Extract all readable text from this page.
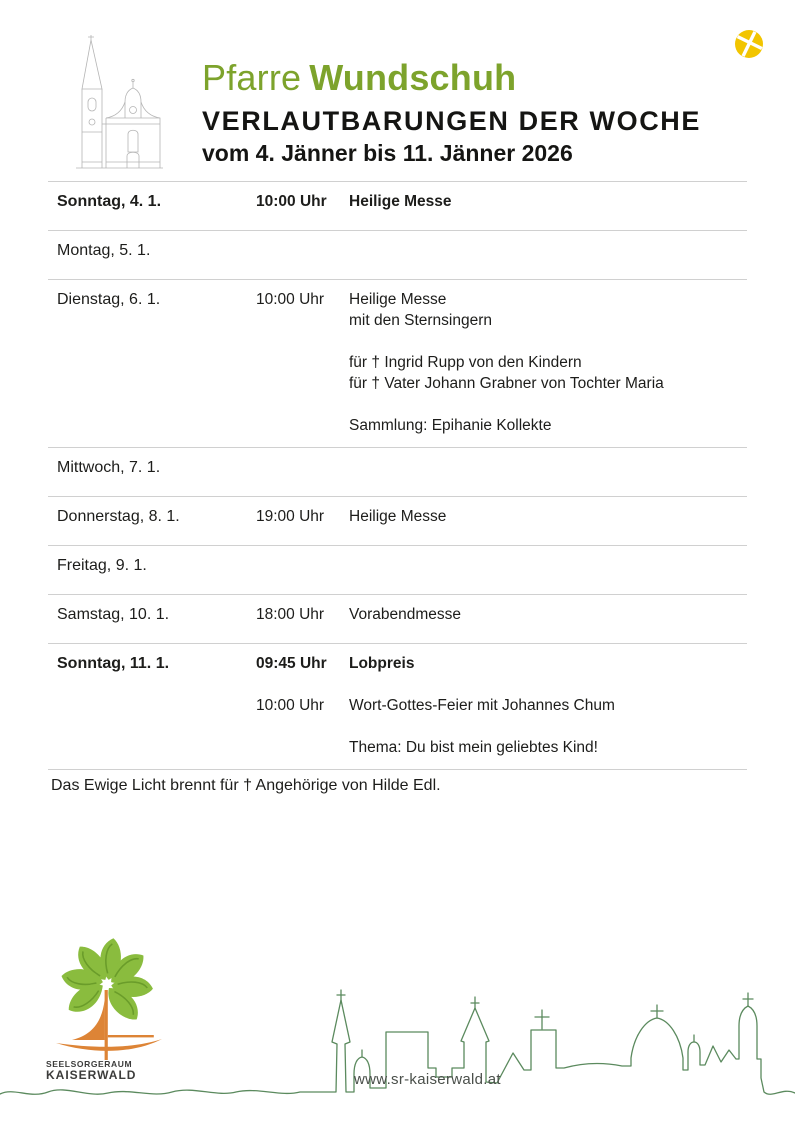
Pfarre Wundschuh
VERLAUTBARUNGEN DER WOCHE
vom 4. Jänner bis 11. Jänner 2026
Sonntag, 4. 1.	10:00 Uhr	Heilige Messe
Montag, 5. 1.
Dienstag, 6. 1.	10:00 Uhr	Heilige Messe
mit den Sternsingern
für † Ingrid Rupp von den Kindern
für † Vater Johann Grabner von Tochter Maria
Sammlung: Epihanie Kollekte
Mittwoch, 7. 1.
Donnerstag, 8. 1.	19:00 Uhr	Heilige Messe
Freitag, 9. 1.
Samstag, 10. 1.	18:00 Uhr	Vorabendmesse
Sonntag, 11. 1.	09:45 Uhr	Lobpreis
10:00 Uhr	Wort-Gottes-Feier mit Johannes Chum
Thema: Du bist mein geliebtes Kind!
Das Ewige Licht brennt für † Angehörige von Hilde Edl.
SEELSORGERAUM
KAISERWALD	www.sr-kaiserwald.at
